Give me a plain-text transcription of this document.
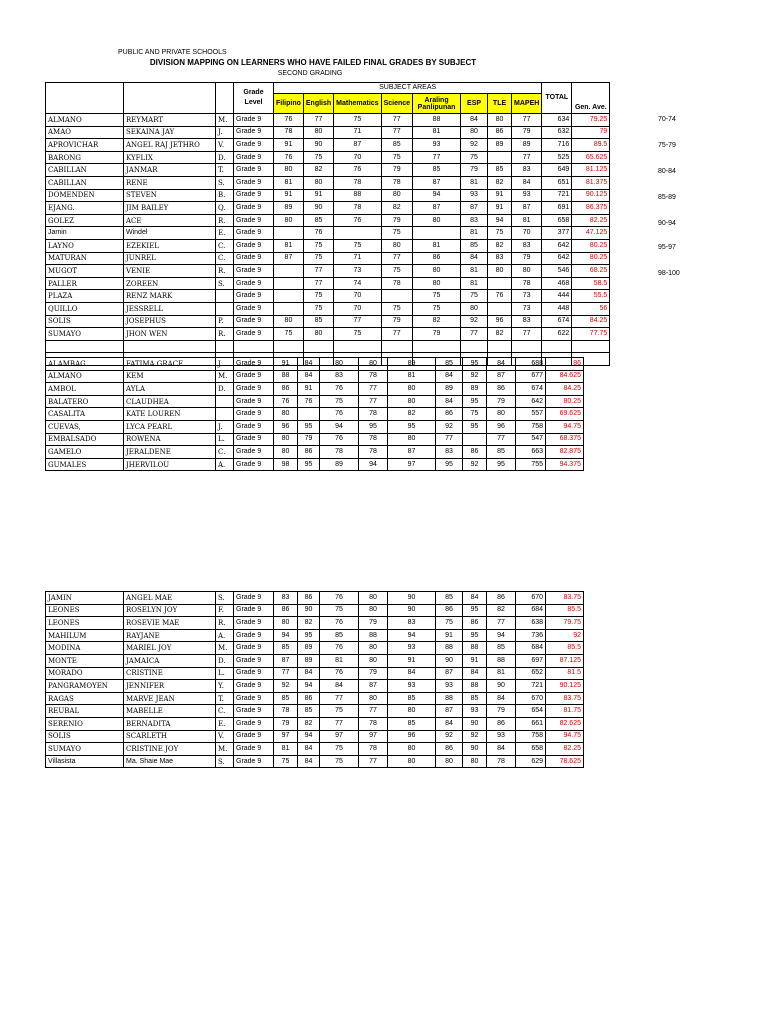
PUBLIC AND PRIVATE SCHOOLS
DIVISION MAPPING ON LEARNERS WHO HAVE FAILED FINAL GRADES BY SUBJECT
SECOND GRADING
			Grade Level	SUBJECT AREAS								TOTAL	Gen. Ave.
				Filipino	English	Mathematics	Science	Araling Panlipunan	ESP	TLE	MAPEH		
ALMANO	REYMART	M.	Grade 9	76	77	75	77	88	84	80	77	634	79.25
AMAO	SEKAINA JAY	J.	Grade 9	78	80	71	77	81	80	86	79	632	79
APROVICHAR	ANGEL RAJ JETHRO	V.	Grade 9	91	90	87	85	93	92	89	89	716	89.5
BARONG	KYFLIX	D.	Grade 9	76	75	70	75	77	75		77	525	65.625
CABILLAN	JANMAR	T.	Grade 9	80	82	76	79	85	79	85	83	649	81.125
CABILLAN	RENE	S.	Grade 9	81	80	78	78	87	81	82	84	651	81.375
DOMENDEN	STEVEN	B.	Grade 9	91	91	88	80	94	93	91	93	721	90.125
EJANG.	JIM BAILEY	Q.	Grade 9	89	90	78	82	87	87	91	87	691	86.375
GOLEZ	ACE	R.	Grade 9	80	85	76	79	80	83	94	81	658	82.25
Jamin	Windel	E.	Grade 9		76		75		81	75	70	377	47.125
LAYNO	EZEKIEL	C.	Grade 9	81	75	75	80	81	85	82	83	642	80.25
MATURAN	JUNREL	C.	Grade 9	87	75	71	77	86	84	83	79	642	80.25
MUGOT	VENIE	R.	Grade 9		77	73	75	80	81	80	80	546	68.25
PALLER	ZOREEN	S.	Grade 9		77	74	78	80	81		78	468	58.5
PLAZA	RENZ MARK		Grade 9		75	70		75	75	76	73	444	55.5
QUILLO	JESSRELL		Grade 9		75	70	75	75	80		73	448	56
SOLIS	JOSEPHUS	P.	Grade 9	80	85	77	79	82	92	96	83	674	84.25
SUMAYO	JHON WEN	R.	Grade 9	75	80	75	77	79	77	82	77	622	77.75

ALAMBAG	FATIMA GRACE	J.	Grade 9	91	84	80	80	89	85	95	84	688	86
ALMANO	KEM	M.	Grade 9	88	84	83	78	81	84	92	87	677	84.625
AMBOL	AYLA	D.	Grade 9	86	91	76	77	80	89	89	86	674	84.25
BALATERO	CLAUDHEA		Grade 9	76	76	75	77	80	84	95	79	642	80.25
CASALITA	KATE LOUREN		Grade 9	80		76	78	82	86	75	80	557	69.625
CUEVAS,	LYCA PEARL	J.	Grade 9	96	95	94	95	95	92	95	96	758	94.75
EMBALSADO	ROWENA	L.	Grade 9	80	79	76	78	80	77		77	547	68.375
GAMELO	JERALDENE	C.	Grade 9	80	86	78	78	87	83	86	85	663	82.875
GUMALES	JHERVILOU	A.	Grade 9	98	95	89	94	97	95	92	95	755	94.375
JAMIN	ANGEL MAE	S.	Grade 9	83	86	76	80	90	85	84	86	670	83.75
LEONES	ROSELYN JOY	F.	Grade 9	86	90	75	80	90	86	95	82	684	85.5
LEONES	ROSEVIE MAE	R.	Grade 9	80	82	76	79	83	75	86	77	638	79.75
MAHILUM	RAYJANE	A.	Grade 9	94	95	85	88	94	91	95	94	736	92
MODINA	MARIEL JOY	M.	Grade 9	85	89	76	80	93	88	88	85	684	85.5
MONTE	JAMAICA	D.	Grade 9	87	89	81	80	91	90	91	88	697	87.125
MORADO	CRISTINE	L.	Grade 9	77	84	76	79	84	87	84	81	652	81.5
PANGRAMOYEN	JENNIFER	Y.	Grade 9	92	94	84	87	93	93	88	90	721	90.125
RAGAS	MARVE JEAN	T.	Grade 9	85	86	77	80	85	88	85	84	670	83.75
REUBAL	MABELLE	C.	Grade 9	78	85	75	77	80	87	93	79	654	81.75
SERENIO	BERNADITA	E.	Grade 9	79	82	77	78	85	84	90	86	661	82.625
SOLIS	SCARLETH	V.	Grade 9	97	94	97	97	96	92	92	93	758	94.75
SUMAYO	CRISTINE JOY	M.	Grade 9	81	84	75	78	80	86	90	84	658	82.25
Villasista	Ma. Shaie Mae	S.	Grade 9	75	84	75	77	80	80	80	78	629	78.625
70-74
75-79
80-84
85-89
90-94
95-97
98-100
